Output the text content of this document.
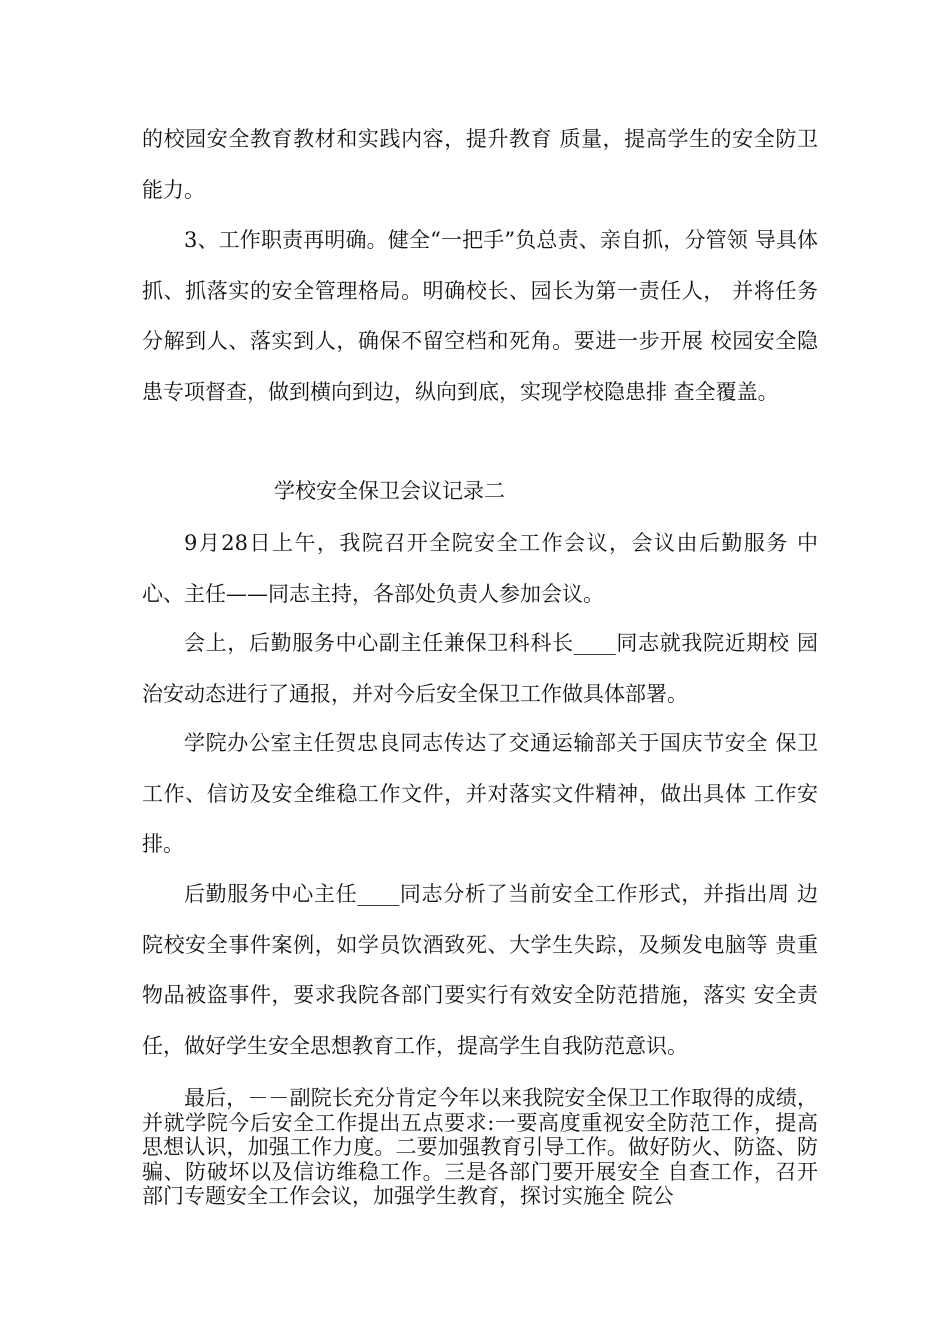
的校园安全教育教材和实践内容，提升教育 质量，提高学生的安全防卫能力。

3、工作职责再明确。健全“一把手”负总责、亲自抓，分管领 导具体抓、抓落实的安全管理格局。明确校长、园长为第一责任人， 并将任务分解到人、落实到人，确保不留空档和死角。要进一步开展 校园安全隐患专项督查，做到横向到边，纵向到底，实现学校隐患排 查全覆盖。

学校安全保卫会议记录二

9月28日上午，我院召开全院安全工作会议，会议由后勤服务 中心、主任——同志主持，各部处负责人参加会议。

会上，后勤服务中心副主任兼保卫科科长____同志就我院近期校 园治安动态进行了通报，并对今后安全保卫工作做具体部署。

学院办公室主任贺忠良同志传达了交通运输部关于国庆节安全 保卫工作、信访及安全维稳工作文件，并对落实文件精神，做出具体 工作安排。

后勤服务中心主任____同志分析了当前安全工作形式，并指出周 边院校安全事件案例，如学员饮酒致死、大学生失踪，及频发电脑等 贵重物品被盗事件，要求我院各部门要实行有效安全防范措施，落实 安全责任，做好学生安全思想教育工作，提高学生自我防范意识。

最后，－－副院长充分肯定今年以来我院安全保卫工作取得的成绩，并就学院今后安全工作提出五点要求:一要高度重视安全防范工作，提高思想认识，加强工作力度。二要加强教育引导工作。做好防火、防盗、防骗、防破坏以及信访维稳工作。三是各部门要开展安全 自查工作，召开部门专题安全工作会议，加强学生教育，探讨实施全 院公
